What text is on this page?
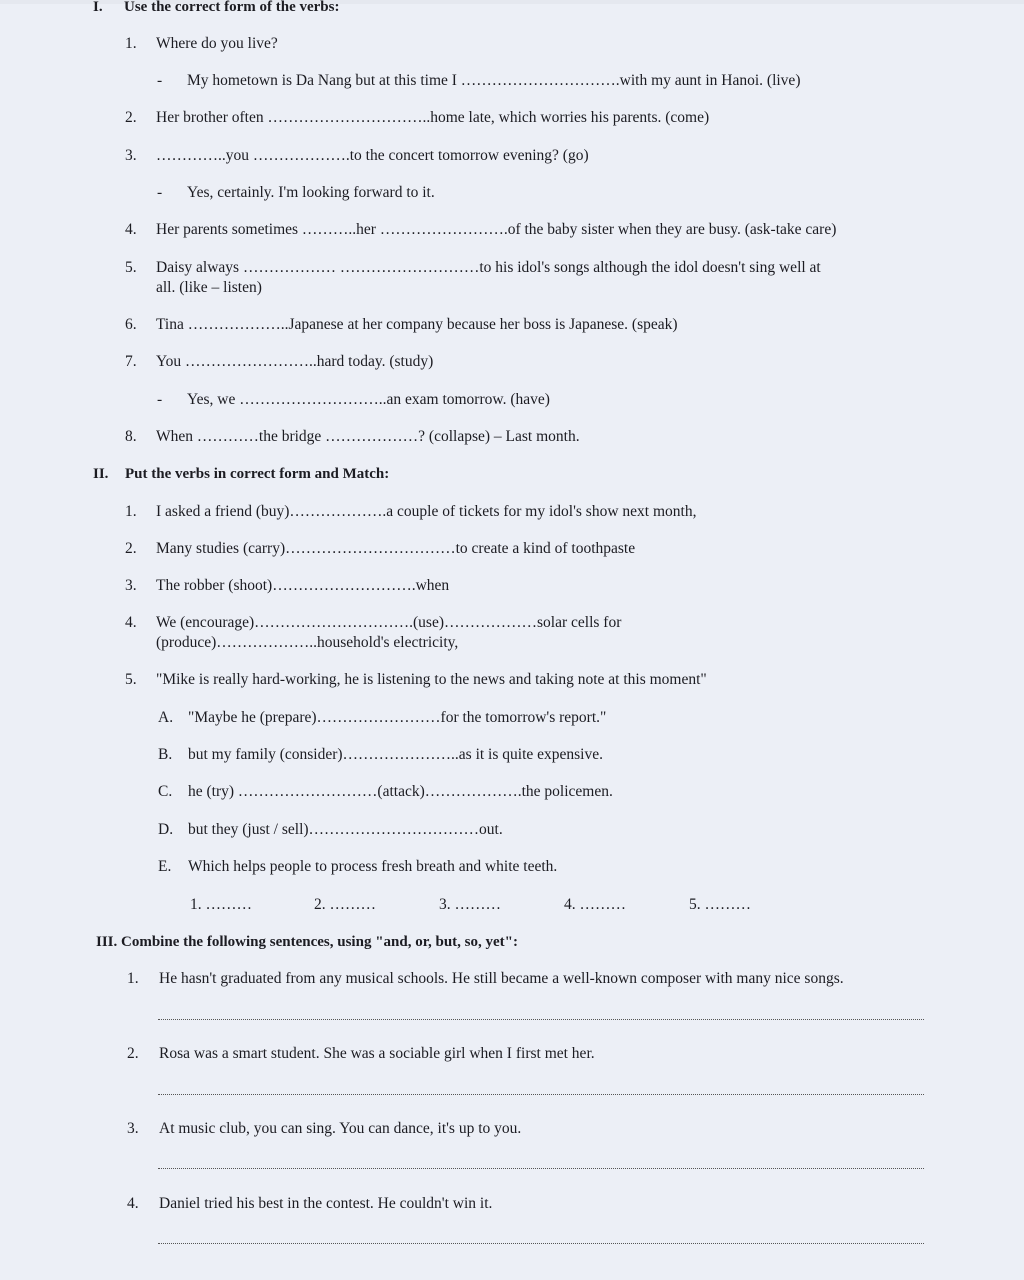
I. Use the correct form of the verbs:
1. Where do you live?
- My hometown is Da Nang but at this time I ………………………….with my aunt in Hanoi. (live)
2. Her brother often …………………………..home late, which worries his parents. (come)
3. …………..you ……………….to the concert tomorrow evening? (go)
- Yes, certainly. I'm looking forward to it.
4. Her parents sometimes ………..her …………………….of the baby sister when they are busy. (ask-take care)
5. Daisy always ……………… ………………………to his idol's songs although the idol doesn't sing well at
all. (like – listen)
6. Tina ………………..Japanese at her company because her boss is Japanese. (speak)
7. You ……………………..hard today. (study)
- Yes, we ………………………..an exam tomorrow. (have)
8. When …………the bridge ………………? (collapse) – Last month.
II. Put the verbs in correct form and Match:
1. I asked a friend (buy)……………….a couple of tickets for my idol's show next month,
2. Many studies (carry)……………………………to create a kind of toothpaste
3. The robber (shoot)……………………….when
4. We (encourage)………………………….(use)………………solar cells for
(produce)………………..household's electricity,
5. "Mike is really hard-working, he is listening to the news and taking note at this moment"
A. "Maybe he (prepare)……………………for the tomorrow's report."
B. but my family (consider)…………………..as it is quite expensive.
C. he (try) ………………………(attack)……………….the policemen.
D. but they (just / sell)……………………………out.
E. Which helps people to process fresh breath and white teeth.
1. ………	2. ………	3. ………	4. ………	5. ………
III. Combine the following sentences, using "and, or, but, so, yet":
1. He hasn't graduated from any musical schools. He still became a well-known composer with many nice songs.
2. Rosa was a smart student. She was a sociable girl when I first met her.
3. At music club, you can sing. You can dance, it's up to you.
4. Daniel tried his best in the contest. He couldn't win it.
